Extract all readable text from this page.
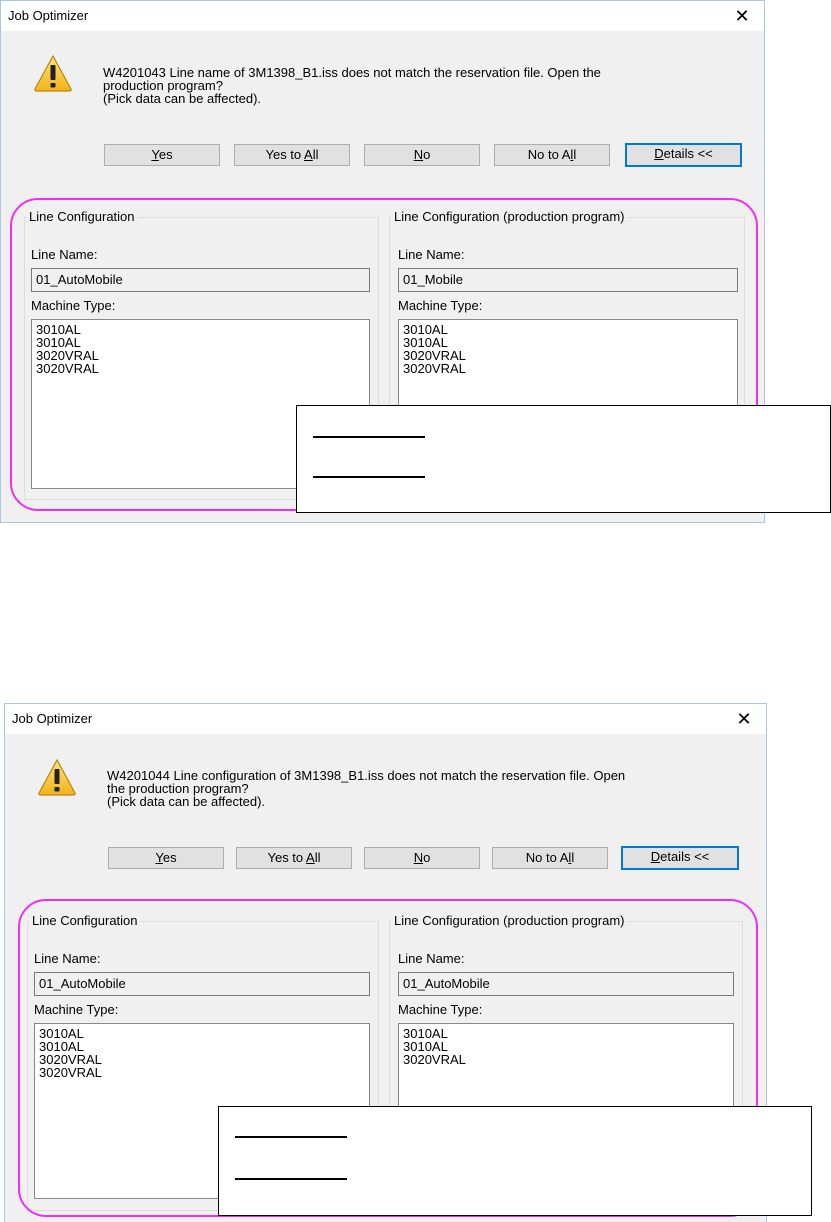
Job Optimizer	✕
W4201043 Line name of 3M1398_B1.iss does not match the reservation file. Open the
production program?
(Pick data can be affected).
Yes	Yes to All	No	No to All	Details <<
Line Configuration
Line Name:
01_AutoMobile
Machine Type:
3010AL
3010AL
3020VRAL
3020VRAL
Line Configuration (production program)
Line Name:
01_Mobile
Machine Type:
3010AL
3010AL
3020VRAL
3020VRAL
Job Optimizer	✕
W4201044 Line configuration of 3M1398_B1.iss does not match the reservation file. Open
the production program?
(Pick data can be affected).
Yes	Yes to All	No	No to All	Details <<
Line Configuration
Line Name:
01_AutoMobile
Machine Type:
3010AL
3010AL
3020VRAL
3020VRAL
Line Configuration (production program)
Line Name:
01_AutoMobile
Machine Type:
3010AL
3010AL
3020VRAL
